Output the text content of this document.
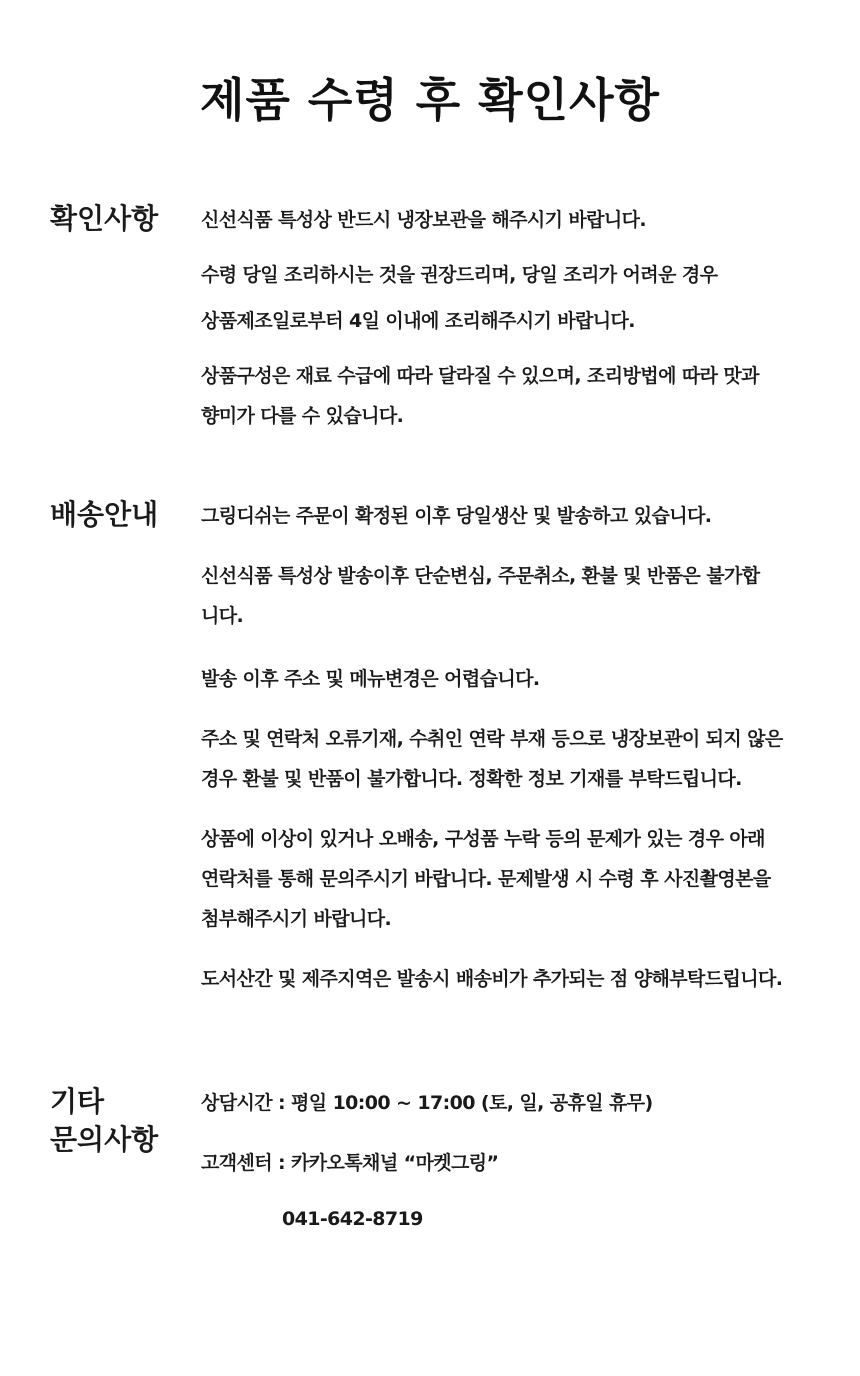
제품 수령 후 확인사항
확인사항 신선식품 특성상 반드시 냉장보관을 해주시기 바랍니다.
수령 당일 조리하시는 것을 권장드리며, 당일 조리가 어려운 경우
상품제조일로부터 4일 이내에 조리해주시기 바랍니다.
상품구성은 재료 수급에 따라 달라질 수 있으며, 조리방법에 따라 맛과
향미가 다를 수 있습니다.
배송안내 그링디쉬는 주문이 확정된 이후 당일생산 및 발송하고 있습니다.
신선식품 특성상 발송이후 단순변심, 주문취소, 환불 및 반품은 불가합
니다.
발송 이후 주소 및 메뉴변경은 어렵습니다.
주소 및 연락처 오류기재, 수취인 연락 부재 등으로 냉장보관이 되지 않은
경우 환불 및 반품이 불가합니다. 정확한 정보 기재를 부탁드립니다.
상품에 이상이 있거나 오배송, 구성품 누락 등의 문제가 있는 경우 아래
연락처를 통해 문의주시기 바랍니다. 문제발생 시 수령 후 사진촬영본을
첨부해주시기 바랍니다.
도서산간 및 제주지역은 발송시 배송비가 추가되는 점 양해부탁드립니다.
기타
문의사항
상담시간 : 평일 10:00 ~ 17:00 (토, 일, 공휴일 휴무)
고객센터 : 카카오톡채널 “마켓그링”
041-642-8719
